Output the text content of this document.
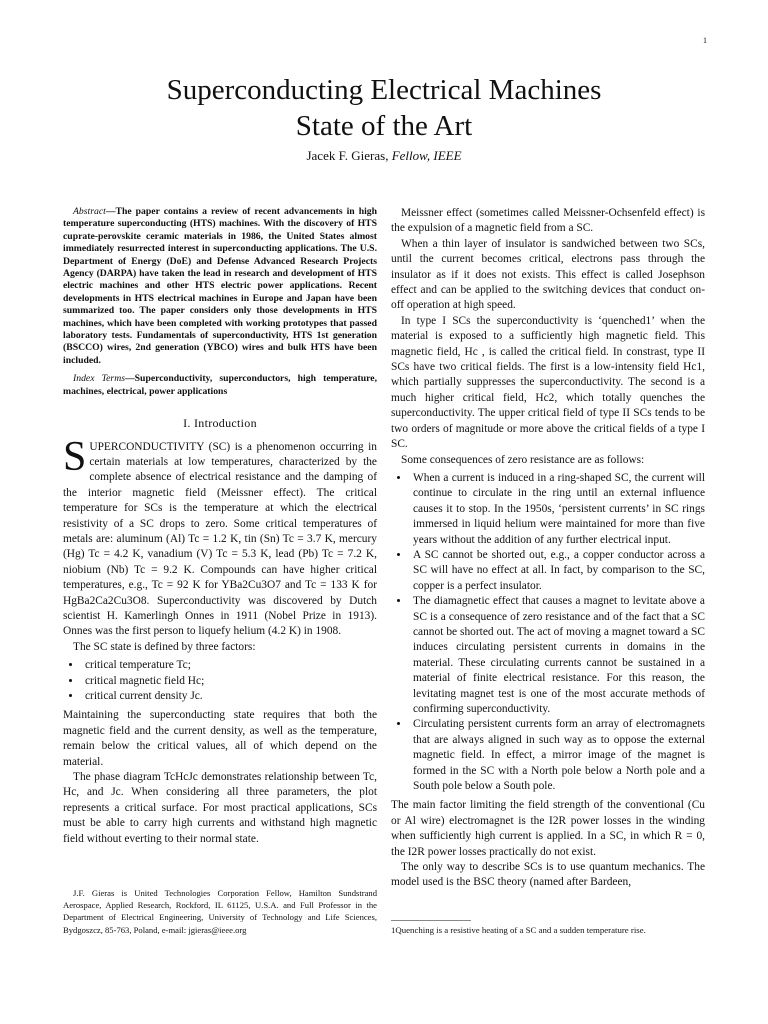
1
Superconducting Electrical Machines
State of the Art
Jacek F. Gieras, Fellow, IEEE

Abstract—The paper contains a review of recent advancements in high temperature superconducting (HTS) machines. With the discovery of HTS cuprate-perovskite ceramic materials in 1986, the United States almost immediately resurrected interest in superconducting applications. The U.S. Department of Energy (DoE) and Defense Advanced Research Projects Agency (DARPA) have taken the lead in research and development of HTS electric machines and other HTS electric power applications. Recent developments in HTS electrical machines in Europe and Japan have been summarized too. The paper considers only those developments in HTS machines, which have been completed with working prototypes that passed laboratory tests. Fundamentals of superconductivity, HTS 1st generation (BSCCO) wires, 2nd generation (YBCO) wires and bulk HTS have been included.

Index Terms—Superconductivity, superconductors, high temperature, machines, electrical, power applications

I. Introduction

SUPERCONDUCTIVITY (SC) is a phenomenon occurring in certain materials at low temperatures, characterized by the complete absence of electrical resistance and the damping of the interior magnetic field (Meissner effect). The critical temperature for SCs is the temperature at which the electrical resistivity of a SC drops to zero. Some critical temperatures of metals are: aluminum (Al) Tc = 1.2 K, tin (Sn) Tc = 3.7 K, mercury (Hg) Tc = 4.2 K, vanadium (V) Tc = 5.3 K, lead (Pb) Tc = 7.2 K, niobium (Nb) Tc = 9.2 K. Compounds can have higher critical temperatures, e.g., Tc = 92 K for YBa2Cu3O7 and Tc = 133 K for HgBa2Ca2Cu3O8. Superconductivity was discovered by Dutch scientist H. Kamerlingh Onnes in 1911 (Nobel Prize in 1913). Onnes was the first person to liquefy helium (4.2 K) in 1908.

The SC state is defined by three factors:

• critical temperature Tc;
• critical magnetic field Hc;
• critical current density Jc.

Maintaining the superconducting state requires that both the magnetic field and the current density, as well as the temperature, remain below the critical values, all of which depend on the material.

The phase diagram TcHcJc demonstrates relationship between Tc, Hc, and Jc. When considering all three parameters, the plot represents a critical surface. For most practical applications, SCs must be able to carry high currents and withstand high magnetic field without everting to their normal state.

J.F. Gieras is United Technologies Corporation Fellow, Hamilton Sundstrand Aerospace, Applied Research, Rockford, IL 61125, U.S.A. and Full Professor in the Department of Electrical Engineering, University of Technology and Life Sciences, Bydgoszcz, 85-763, Poland, e-mail: jgieras@ieee.org

Meissner effect (sometimes called Meissner-Ochsenfeld effect) is the expulsion of a magnetic field from a SC.

When a thin layer of insulator is sandwiched between two SCs, until the current becomes critical, electrons pass through the insulator as if it does not exists. This effect is called Josephson effect and can be applied to the switching devices that conduct on-off operation at high speed.

In type I SCs the superconductivity is ‘quenched1’ when the material is exposed to a sufficiently high magnetic field. This magnetic field, Hc , is called the critical field. In constrast, type II SCs have two critical fields. The first is a low-intensity field Hc1, which partially suppresses the superconductivity. The second is a much higher critical field, Hc2, which totally quenches the superconductivity. The upper critical field of type II SCs tends to be two orders of magnitude or more above the critical fields of a type I SC.

Some consequences of zero resistance are as follows:

• When a current is induced in a ring-shaped SC, the current will continue to circulate in the ring until an external influence causes it to stop. In the 1950s, ‘persistent currents’ in SC rings immersed in liquid helium were maintained for more than five years without the addition of any further electrical input.
• A SC cannot be shorted out, e.g., a copper conductor across a SC will have no effect at all. In fact, by comparison to the SC, copper is a perfect insulator.
• The diamagnetic effect that causes a magnet to levitate above a SC is a consequence of zero resistance and of the fact that a SC cannot be shorted out. The act of moving a magnet toward a SC induces circulating persistent currents in domains in the material. These circulating currents cannot be sustained in a material of finite electrical resistance. For this reason, the levitating magnet test is one of the most accurate methods of confirming superconductivity.
• Circulating persistent currents form an array of electromagnets that are always aligned in such way as to oppose the external magnetic field. In effect, a mirror image of the magnet is formed in the SC with a North pole below a North pole and a South pole below a South pole.

The main factor limiting the field strength of the conventional (Cu or Al wire) electromagnet is the I2R power losses in the winding when sufficiently high current is applied. In a SC, in which R = 0, the I2R power losses practically do not exist.

The only way to describe SCs is to use quantum mechanics. The model used is the BSC theory (named after Bardeen,

1Quenching is a resistive heating of a SC and a sudden temperature rise.
